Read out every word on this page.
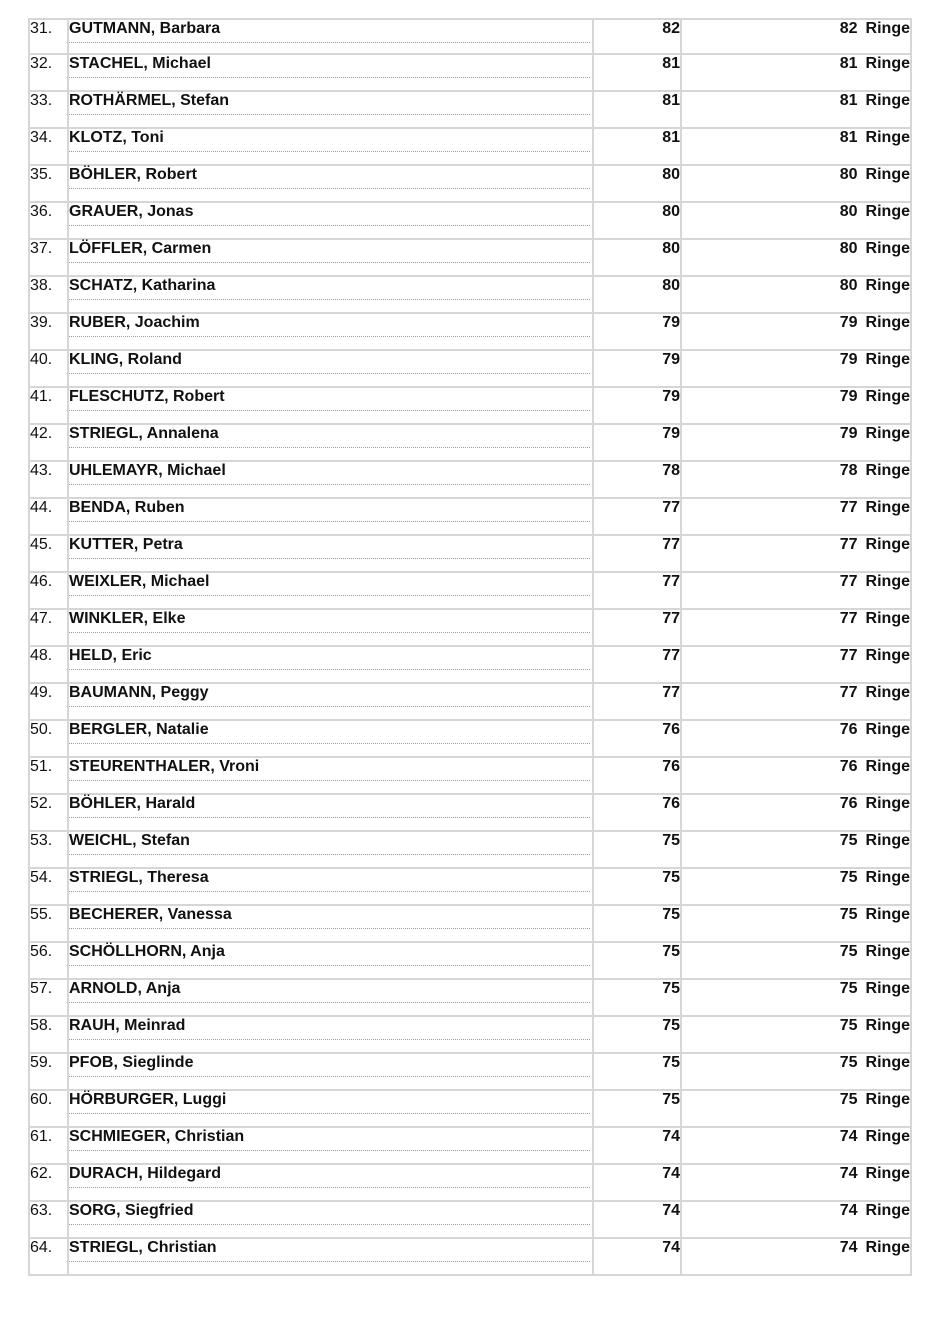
31.	GUTMANN, Barbara	82	82 Ringe
32.	STACHEL, Michael	81	81 Ringe
33.	ROTHÄRMEL, Stefan	81	81 Ringe
34.	KLOTZ, Toni	81	81 Ringe
35.	BÖHLER, Robert	80	80 Ringe
36.	GRAUER, Jonas	80	80 Ringe
37.	LÖFFLER, Carmen	80	80 Ringe
38.	SCHATZ, Katharina	80	80 Ringe
39.	RUBER, Joachim	79	79 Ringe
40.	KLING, Roland	79	79 Ringe
41.	FLESCHUTZ, Robert	79	79 Ringe
42.	STRIEGL, Annalena	79	79 Ringe
43.	UHLEMAYR, Michael	78	78 Ringe
44.	BENDA, Ruben	77	77 Ringe
45.	KUTTER, Petra	77	77 Ringe
46.	WEIXLER, Michael	77	77 Ringe
47.	WINKLER, Elke	77	77 Ringe
48.	HELD, Eric	77	77 Ringe
49.	BAUMANN, Peggy	77	77 Ringe
50.	BERGLER, Natalie	76	76 Ringe
51.	STEURENTHALER, Vroni	76	76 Ringe
52.	BÖHLER, Harald	76	76 Ringe
53.	WEICHL, Stefan	75	75 Ringe
54.	STRIEGL, Theresa	75	75 Ringe
55.	BECHERER, Vanessa	75	75 Ringe
56.	SCHÖLLHORN, Anja	75	75 Ringe
57.	ARNOLD, Anja	75	75 Ringe
58.	RAUH, Meinrad	75	75 Ringe
59.	PFOB, Sieglinde	75	75 Ringe
60.	HÖRBURGER, Luggi	75	75 Ringe
61.	SCHMIEGER, Christian	74	74 Ringe
62.	DURACH, Hildegard	74	74 Ringe
63.	SORG, Siegfried	74	74 Ringe
64.	STRIEGL, Christian	74	74 Ringe
